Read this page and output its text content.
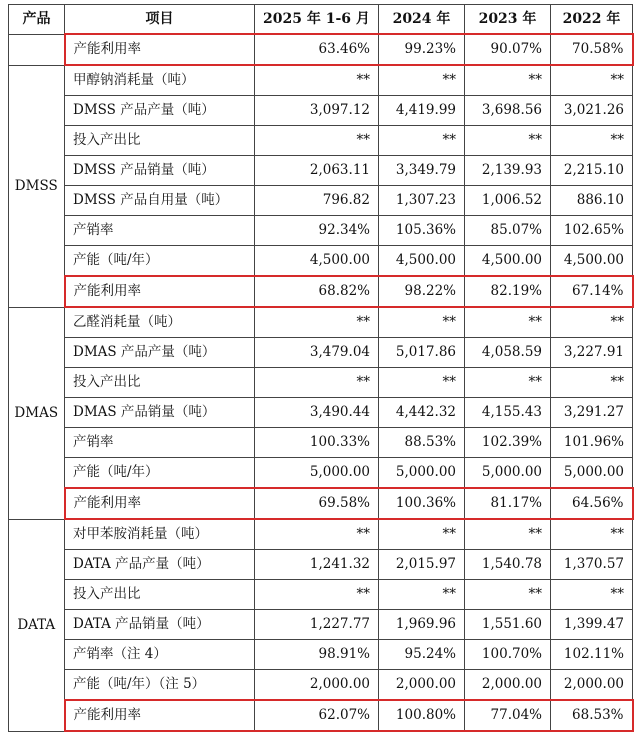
产品	项目	2025 年 1-6 月	2024 年	2023 年	2022 年
	产能利用率	63.46%	99.23%	90.07%	70.58%
DMSS	甲醇钠消耗量（吨）	**	**	**	**
	DMSS 产品产量（吨）	3,097.12	4,419.99	3,698.56	3,021.26
	投入产出比	**	**	**	**
	DMSS 产品销量（吨）	2,063.11	3,349.79	2,139.93	2,215.10
	DMSS 产品自用量（吨）	796.82	1,307.23	1,006.52	886.10
	产销率	92.34%	105.36%	85.07%	102.65%
	产能（吨/年）	4,500.00	4,500.00	4,500.00	4,500.00
	产能利用率	68.82%	98.22%	82.19%	67.14%
DMAS	乙醛消耗量（吨）	**	**	**	**
	DMAS 产品产量（吨）	3,479.04	5,017.86	4,058.59	3,227.91
	投入产出比	**	**	**	**
	DMAS 产品销量（吨）	3,490.44	4,442.32	4,155.43	3,291.27
	产销率	100.33%	88.53%	102.39%	101.96%
	产能（吨/年）	5,000.00	5,000.00	5,000.00	5,000.00
	产能利用率	69.58%	100.36%	81.17%	64.56%
DATA	对甲苯胺消耗量（吨）	**	**	**	**
	DATA 产品产量（吨）	1,241.32	2,015.97	1,540.78	1,370.57
	投入产出比	**	**	**	**
	DATA 产品销量（吨）	1,227.77	1,969.96	1,551.60	1,399.47
	产销率（注 4）	98.91%	95.24%	100.70%	102.11%
	产能（吨/年）（注 5）	2,000.00	2,000.00	2,000.00	2,000.00
	产能利用率	62.07%	100.80%	77.04%	68.53%
